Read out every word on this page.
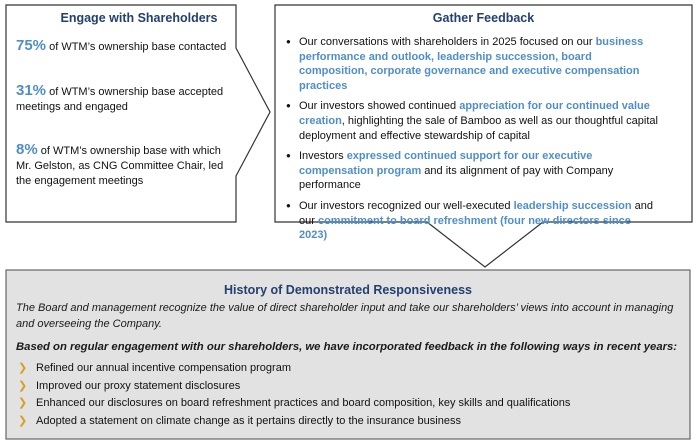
Engage with Shareholders
75% of WTM’s ownership base contacted
31% of WTM’s ownership base accepted meetings and engaged
8% of WTM’s ownership base with which Mr. Gelston, as CNG Committee Chair, led the engagement meetings
Gather Feedback
● Our conversations with shareholders in 2025 focused on our business performance and outlook, leadership succession, board composition, corporate governance and executive compensation practices
● Our investors showed continued appreciation for our continued value creation, highlighting the sale of Bamboo as well as our thoughtful capital deployment and effective stewardship of capital
● Investors expressed continued support for our executive compensation program and its alignment of pay with Company performance
● Our investors recognized our well-executed leadership succession and our commitment to board refreshment (four new directors since 2023)
History of Demonstrated Responsiveness
The Board and management recognize the value of direct shareholder input and take our shareholders’ views into account in managing and overseeing the Company.
Based on regular engagement with our shareholders, we have incorporated feedback in the following ways in recent years:
❯ Refined our annual incentive compensation program
❯ Improved our proxy statement disclosures
❯ Enhanced our disclosures on board refreshment practices and board composition, key skills and qualifications
❯ Adopted a statement on climate change as it pertains directly to the insurance business
